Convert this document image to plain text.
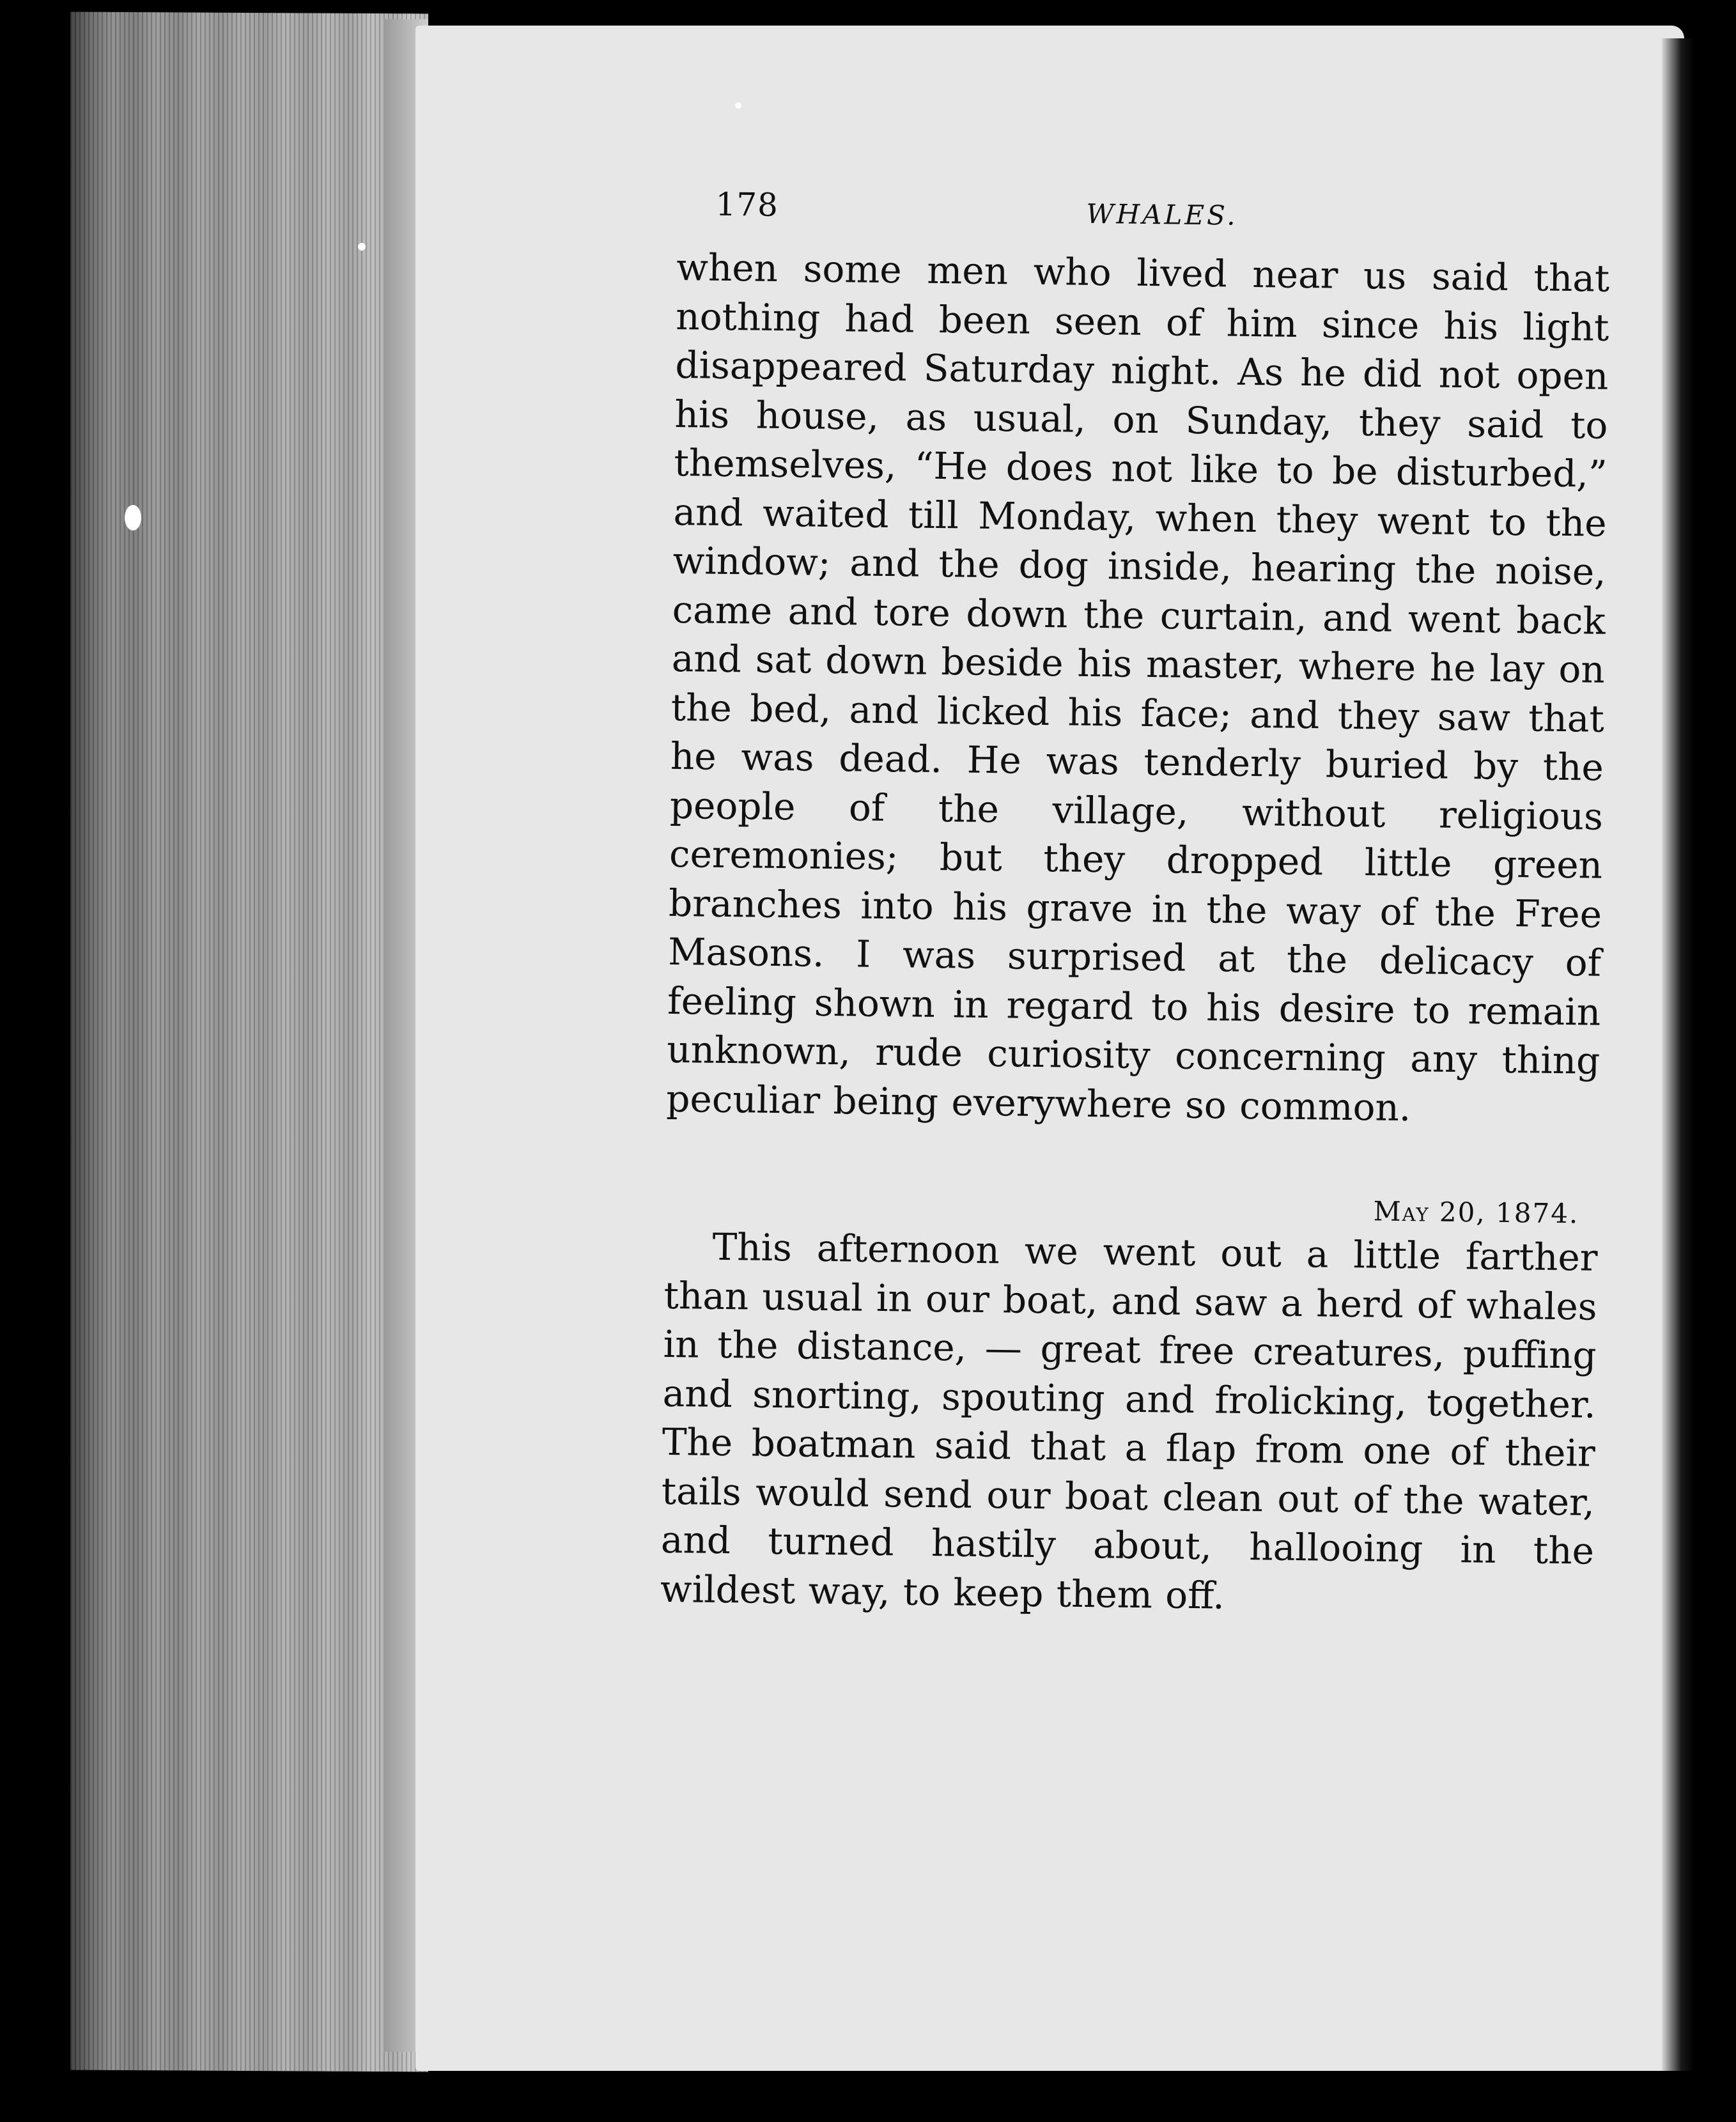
178	WHALES.

when some men who lived near us said that nothing had been seen of him since his light disappeared Saturday night. As he did not open his house, as usual, on Sunday, they said to themselves, “He does not like to be disturbed,” and waited till Monday, when they went to the window; and the dog inside, hearing the noise, came and tore down the curtain, and went back and sat down beside his master, where he lay on the bed, and licked his face; and they saw that he was dead. He was tenderly buried by the people of the village, without religious ceremonies; but they dropped little green branches into his grave in the way of the Free Masons. I was surprised at the delicacy of feeling shown in regard to his desire to remain unknown, rude curiosity concerning any thing peculiar being everywhere so common.

May 20, 1874.

This afternoon we went out a little farther than usual in our boat, and saw a herd of whales in the distance, — great free creatures, puffing and snorting, spouting and frolicking, together. The boatman said that a flap from one of their tails would send our boat clean out of the water, and turned hastily about, hallooing in the wildest way, to keep them off.
